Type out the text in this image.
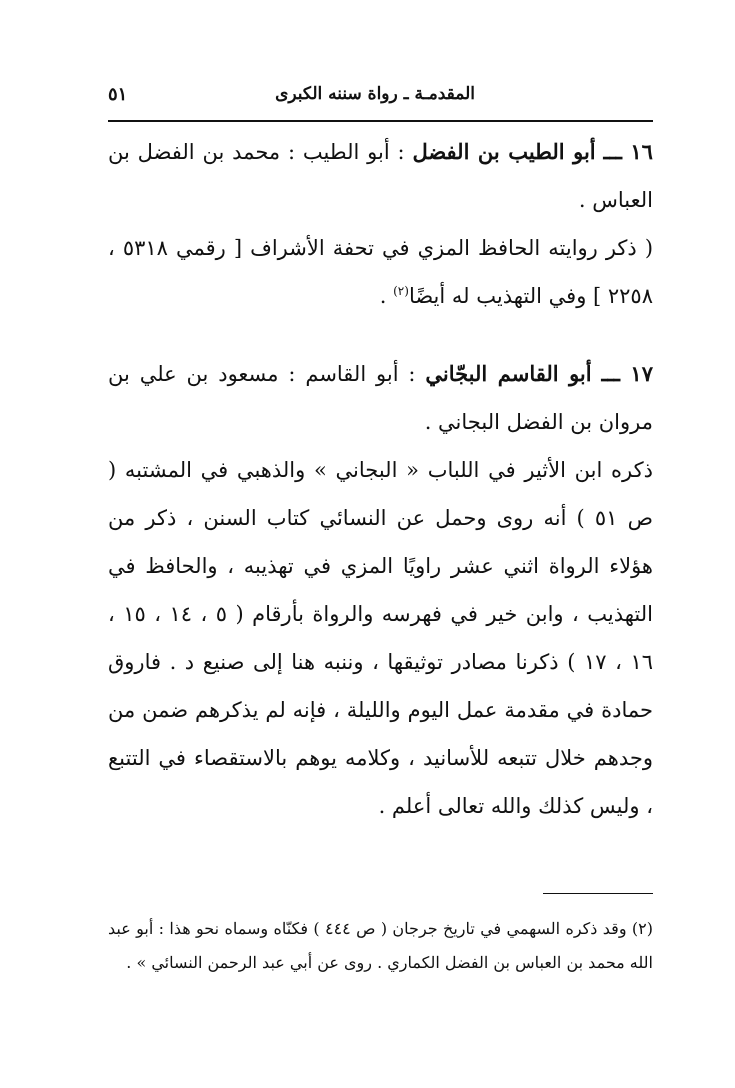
٥١	المقدمـة ـ رواة سننه الكبرى

١٦ ـــ أبو الطيب بن الفضل : أبو الطيب : محمد بن الفضل بن العباس .

( ذكر روايته الحافظ المزي في تحفة الأشراف [ رقمي ٥٣١٨ ، ٢٢٥٨ ] وفي التهذيب له أيضًا$^{(٢)}$ .

١٧ ـــ أبو القاسم البجّاني : أبو القاسم : مسعود بن علي بن مروان بن الفضل البجاني .

ذكره ابن الأثير في اللباب « البجاني » والذهبي في المشتبه ( ص ٥١ ) أنه روى وحمل عن النسائي كتاب السنن ، ذكر من هؤلاء الرواة اثني عشر راويًا المزي في تهذيبه ، والحافظ في التهذيب ، وابن خير في فهرسه والرواة بأرقام ( ٥ ، ١٤ ، ١٥ ، ١٦ ، ١٧ ) ذكرنا مصادر توثيقها ، وننبه هنا إلى صنيع د . فاروق حمادة في مقدمة عمل اليوم والليلة ، فإنه لم يذكرهم ضمن من وجدهم خلال تتبعه للأسانيد ، وكلامه يوهم بالاستقصاء في التتبع ، وليس كذلك والله تعالى أعلم .

(٢) وقد ذكره السهمي في تاريخ جرجان ( ص ٤٤٤ ) فكنّاه وسماه نحو هذا : أبو عبد الله محمد بن العباس بن الفضل الكماري . روى عن أبي عبد الرحمن النسائي » .
